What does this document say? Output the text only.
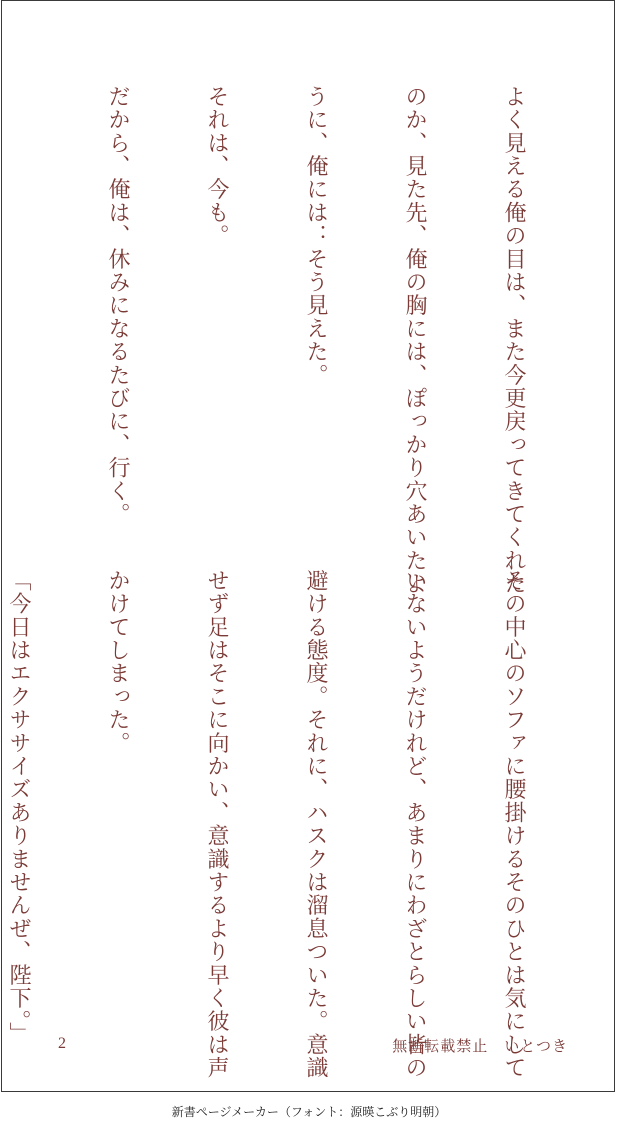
よく見える俺の目は、また今更戻ってきてくれた

のか、見た先、俺の胸には、ぽっかり穴あいたよ

うに、俺には：そう見えた。

それは、今も。

だから、俺は、休みになるたびに、行く。

その中心のソファに腰掛けるそのひとは気にして

いないようだけれど、あまりにわざとらしい皆の

避ける態度。それに、ハスクは溜息ついた。意識

せず足はそこに向かい、意識するより早く彼は声

かけてしまった。

「今日はエクササイズありませんぜ、陛下。」

2	無断転載禁止　いとつき
新書ページメーカー（フォント：源暎こぶり明朝）
